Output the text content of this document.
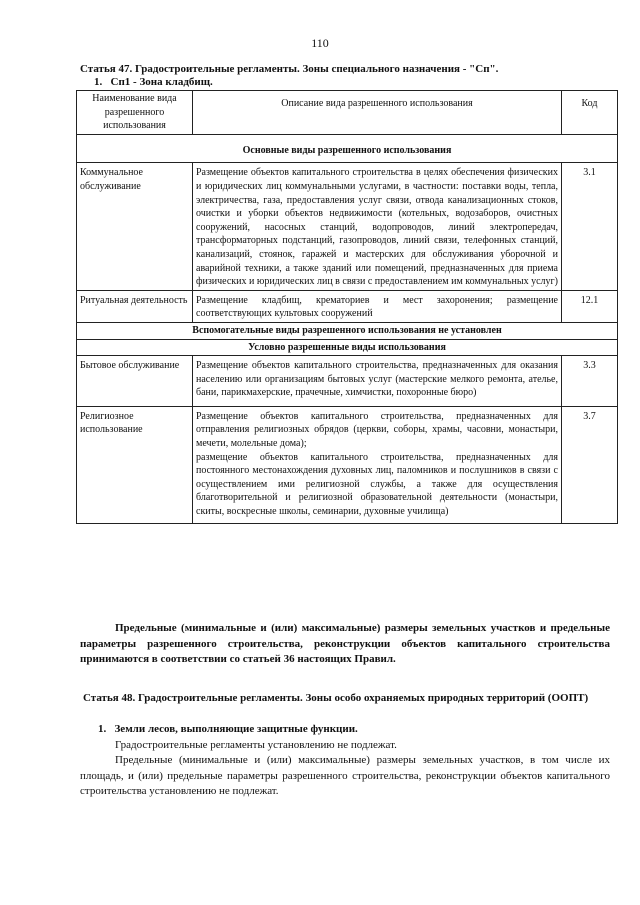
110
Статья 47. Градостроительные регламенты. Зоны специального назначения - "Сп".
1.   Сп1 - Зона кладбищ.
Наименование вида разрешенного использования	Описание вида разрешенного использования	Код
Основные виды разрешенного использования		
Коммунальное обслуживание	Размещение объектов капитального строительства в целях обеспечения физических и юридических лиц коммунальными услугами, в частности: поставки воды, тепла, электричества, газа, предоставления услуг связи, отвода канализационных стоков, очистки и уборки объектов недвижимости (котельных, водозаборов, очистных сооружений, насосных станций, водопроводов, линий электропередач, трансформаторных подстанций, газопроводов, линий связи, телефонных станций, канализаций, стоянок, гаражей и мастерских для обслуживания уборочной и аварийной техники, а также зданий или помещений, предназначенных для приема физических и юридических лиц в связи с предоставлением им коммунальных услуг)	3.1
Ритуальная деятельность	Размещение кладбищ, крематориев и мест захоронения; размещение соответствующих культовых сооружений	12.1
Вспомогательные виды разрешенного использования не установлен		
Условно разрешенные виды использования		
Бытовое обслуживание	Размещение объектов капитального строительства, предназначенных для оказания населению или организациям бытовых услуг (мастерские мелкого ремонта, ателье, бани, парикмахерские, прачечные, химчистки, похоронные бюро)	3.3
Религиозное использование	Размещение объектов капитального строительства, предназначенных для отправления религиозных обрядов (церкви, соборы, храмы, часовни, монастыри, мечети, молельные дома);
размещение объектов капитального строительства, предназначенных для постоянного местонахождения духовных лиц, паломников и послушников в связи с осуществлением ими религиозной службы, а также для осуществления благотворительной и религиозной образовательной деятельности (монастыри, скиты, воскресные школы, семинарии, духовные училища)	3.7
Предельные (минимальные и (или) максимальные) размеры земельных участков и предельные параметры разрешенного строительства, реконструкции объектов капитального строительства принимаются в соответствии со статьей 36 настоящих Правил.
Статья 48. Градостроительные регламенты. Зоны особо охраняемых природных территорий (ООПТ)
1.   Земли лесов, выполняющие защитные функции.
Градостроительные регламенты установлению не подлежат.
Предельные (минимальные и (или) максимальные) размеры земельных участков, в том числе их площадь, и (или) предельные параметры разрешенного строительства, реконструкции объектов капитального строительства установлению не подлежат.
